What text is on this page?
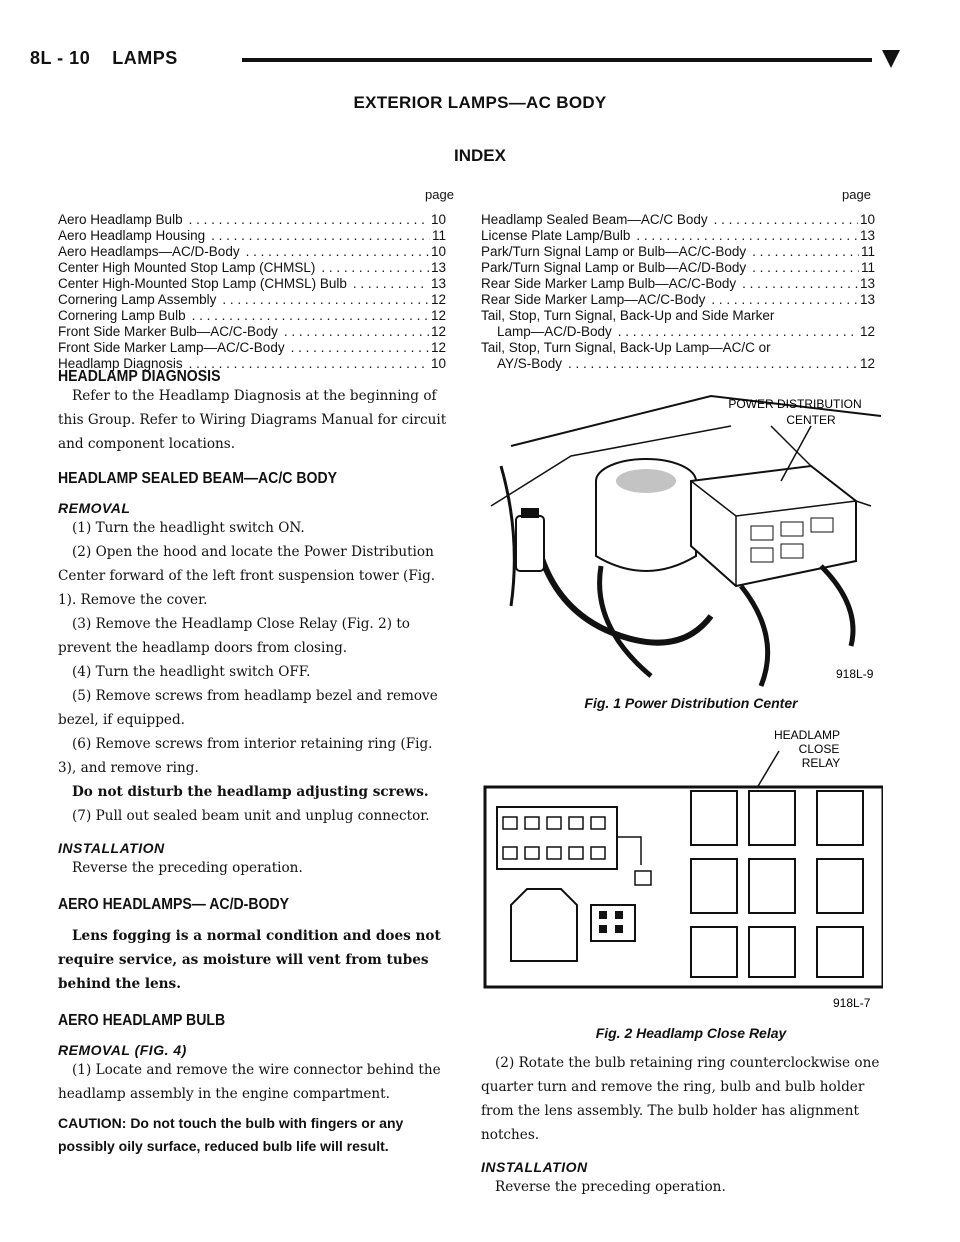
8L - 10 LAMPS
EXTERIOR LAMPS—AC BODY
INDEX
page	page
Aero Headlamp Bulb . . .	10
Aero Headlamp Housing . . .	11
Aero Headlamps—AC/D-Body . . .	10
Center High Mounted Stop Lamp (CHMSL) . . .	13
Center High-Mounted Stop Lamp (CHMSL) Bulb . . .	13
Cornering Lamp Assembly . . .	12
Cornering Lamp Bulb . . .	12
Front Side Marker Bulb—AC/C-Body . . .	12
Front Side Marker Lamp—AC/C-Body . . .	12
Headlamp Diagnosis . . .	10
Headlamp Sealed Beam—AC/C Body . . .	10
License Plate Lamp/Bulb . . .	13
Park/Turn Signal Lamp or Bulb—AC/C-Body . . .	11
Park/Turn Signal Lamp or Bulb—AC/D-Body . . .	11
Rear Side Marker Lamp Bulb—AC/C-Body . . .	13
Rear Side Marker Lamp—AC/C-Body . . .	13
Tail, Stop, Turn Signal, Back-Up and Side Marker
Lamp—AC/D-Body . . .	12
Tail, Stop, Turn Signal, Back-Up Lamp—AC/C or
AY/S-Body . . .	12
HEADLAMP DIAGNOSIS

Refer to the Headlamp Diagnosis at the beginning of this Group. Refer to Wiring Diagrams Manual for circuit and component locations.

HEADLAMP SEALED BEAM—AC/C BODY
REMOVAL

(1) Turn the headlight switch ON.

(2) Open the hood and locate the Power Distribution Center forward of the left front suspension tower (Fig. 1). Remove the cover.

(3) Remove the Headlamp Close Relay (Fig. 2) to prevent the headlamp doors from closing.

(4) Turn the headlight switch OFF.

(5) Remove screws from headlamp bezel and remove bezel, if equipped.

(6) Remove screws from interior retaining ring (Fig. 3), and remove ring.

Do not disturb the headlamp adjusting screws.

(7) Pull out sealed beam unit and unplug connector.

INSTALLATION

Reverse the preceding operation.

AERO HEADLAMPS— AC/D-BODY

Lens fogging is a normal condition and does not require service, as moisture will vent from tubes behind the lens.

AERO HEADLAMP BULB
REMOVAL (FIG. 4)

(1) Locate and remove the wire connector behind the headlamp assembly in the engine compartment.

CAUTION: Do not touch the bulb with fingers or any possibly oily surface, reduced bulb life will result.

POWER DISTRIBUTION
CENTER
918L-9
Fig. 1 Power Distribution Center
HEADLAMP
CLOSE
RELAY
918L-7
Fig. 2 Headlamp Close Relay

(2) Rotate the bulb retaining ring counterclockwise one quarter turn and remove the ring, bulb and bulb holder from the lens assembly. The bulb holder has alignment notches.

INSTALLATION

Reverse the preceding operation.
